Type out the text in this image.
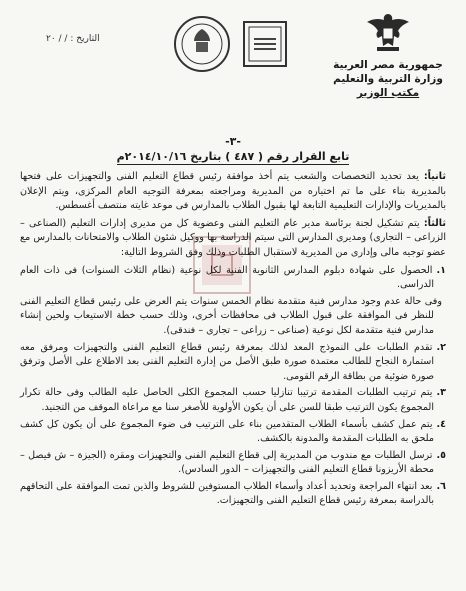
جمهورية مصر العربية
وزارة التربية والتعليم
مكتب الوزير
التاريخ : / / ٢٠
-٣-
تابع القرار رقم ( ٤٨٧ ) بتاريخ ٢٠١٤/١٠/١٦م

ثانياً: يعد تحديد التخصصات والشعب يتم أخذ موافقة رئيس قطاع التعليم الفنى والتجهيزات على فتحها بالمديرية بناء على ما تم اختياره من المديرية ومراجعته بمعرفة التوجيه العام المركزى، ويتم الإعلان بالمديريات والإدارات التعليمية التابعة لها بقبول الطلاب بالمدارس فى موعد غايته منتصف أغسطس.

ثالثاً: يتم تشكيل لجنة برئاسة مدير عام التعليم الفنى وعضوية كل من مديرى إدارات التعليم (الصناعى – الزراعى – التجارى) ومديرى المدارس التى سيتم الدراسة بها ووكيل شئون الطلاب والامتحانات بالمدارس مع عضو توجيه مالى وإدارى من المديرية لاستقبال الطلبات وذلك وفق الشروط التالية:

١.الحصول على شهادة دبلوم المدارس الثانوية الفنية لكل نوعية (نظام الثلاث السنوات) فى ذات العام الدراسى.

وفى حالة عدم وجود مدارس فنية متقدمة نظام الخمس سنوات يتم العرض على رئيس قطاع التعليم الفنى للنظر فى الموافقة على قبول الطلاب فى محافظات أخرى، وذلك حسب خطة الاستيعاب ولحين إنشاء مدارس فنية متقدمة لكل نوعية (صناعى – زراعى – تجارى – فندقى).

٢.تقدم الطلبات على النموذج المعد لذلك بمعرفة رئيس قطاع التعليم الفنى والتجهيزات ومرفق معه استمارة النجاح للطالب معتمدة صورة طبق الأصل من إدارة التعليم الفنى بعد الاطلاع على الأصل وترفق صورة ضوئية من بطاقة الرقم القومى.

٣.يتم ترتيب الطلبات المقدمة ترتيبا تنازليا حسب المجموع الكلى الحاصل عليه الطالب وفى حالة تكرار المجموع يكون الترتيب طبقا للسن على أن يكون الأولوية للأصغر سنا مع مراعاة الموقف من التجنيد.

٤.يتم عمل كشف بأسماء الطلاب المتقدمين بناء على الترتيب فى ضوء المجموع على أن يكون كل كشف ملحق به الطلبات المقدمة والمدونة بالكشف.

٥.ترسل الطلبات مع مندوب من المديرية إلى قطاع التعليم الفنى والتجهيزات ومقره (الجيزة – ش فيصل – محطة الأريزونا قطاع التعليم الفنى والتجهيزات – الدور السادس).

٦.بعد انتهاء المراجعة وتحديد أعداد وأسماء الطلاب المستوفين للشروط والذين تمت الموافقة على التحاقهم بالدراسة بمعرفة رئيس قطاع التعليم الفنى والتجهيزات.
